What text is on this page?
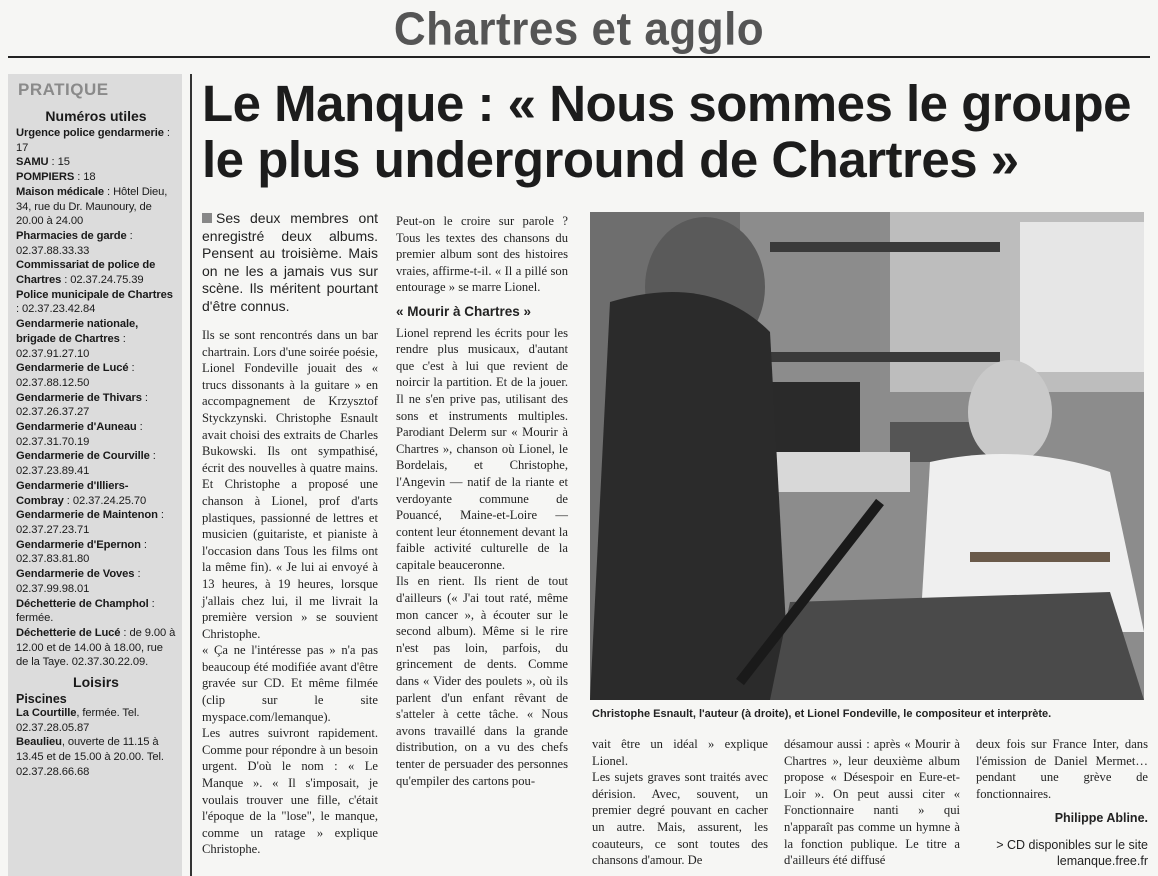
Chartres et agglo
PRATIQUE
Numéros utiles
Urgence police gendarmerie : 17
SAMU : 15
POMPIERS : 18
Maison médicale : Hôtel Dieu, 34, rue du Dr. Maunoury, de 20.00 à 24.00
Pharmacies de garde : 02.37.88.33.33
Commissariat de police de Chartres : 02.37.24.75.39
Police municipale de Chartres : 02.37.23.42.84
Gendarmerie nationale, brigade de Chartres : 02.37.91.27.10
Gendarmerie de Lucé : 02.37.88.12.50
Gendarmerie de Thivars : 02.37.26.37.27
Gendarmerie d'Auneau : 02.37.31.70.19
Gendarmerie de Courville : 02.37.23.89.41
Gendarmerie d'Illiers-Combray : 02.37.24.25.70
Gendarmerie de Maintenon : 02.37.27.23.71
Gendarmerie d'Epernon : 02.37.83.81.80
Gendarmerie de Voves : 02.37.99.98.01
Déchetterie de Champhol : fermée.
Déchetterie de Lucé : de 9.00 à 12.00 et de 14.00 à 18.00, rue de la Taye. 02.37.30.22.09.
Loisirs
Piscines
La Courtille, fermée. Tel. 02.37.28.05.87
Beaulieu, ouverte de 11.15 à 13.45 et de 15.00 à 20.00. Tel. 02.37.28.66.68
Le Manque : « Nous sommes le groupe le plus underground de Chartres »
Ses deux membres ont enregistré deux albums. Pensent au troisième. Mais on ne les a jamais vus sur scène. Ils méritent pourtant d'être connus.

Ils se sont rencontrés dans un bar chartrain. Lors d'une soirée poésie, Lionel Fondeville jouait des « trucs dissonants à la guitare » en accompagnement de Krzysztof Styckzynski. Christophe Esnault avait choisi des extraits de Charles Bukowski. Ils ont sympathisé, écrit des nouvelles à quatre mains. Et Christophe a proposé une chanson à Lionel, prof d'arts plastiques, passionné de lettres et musicien (guitariste, et pianiste à l'occasion dans Tous les films ont la même fin). « Je lui ai envoyé à 13 heures, à 19 heures, lorsque j'allais chez lui, il me livrait la première version » se souvient Christophe.

« Ça ne l'intéresse pas » n'a pas beaucoup été modifiée avant d'être gravée sur CD. Et même filmée (clip sur le site myspace.com/lemanque).

Les autres suivront rapidement. Comme pour répondre à un besoin urgent. D'où le nom : « Le Manque ». « Il s'imposait, je voulais trouver une fille, c'était l'époque de la "lose", le manque, comme un ratage » explique Christophe.

Peut-on le croire sur parole ? Tous les textes des chansons du premier album sont des histoires vraies, affirme-t-il. « Il a pillé son entourage » se marre Lionel.

« Mourir à Chartres »

Lionel reprend les écrits pour les rendre plus musicaux, d'autant que c'est à lui que revient de noircir la partition. Et de la jouer. Il ne s'en prive pas, utilisant des sons et instruments multiples. Parodiant Delerm sur « Mourir à Chartres », chanson où Lionel, le Bordelais, et Christophe, l'Angevin — natif de la riante et verdoyante commune de Pouancé, Maine-et-Loire — content leur étonnement devant la faible activité culturelle de la capitale beauceronne.

Ils en rient. Ils rient de tout d'ailleurs (« J'ai tout raté, même mon cancer », à écouter sur le second album). Même si le rire n'est pas loin, parfois, du grincement de dents. Comme dans « Vider des poulets », où ils parlent d'un enfant rêvant de s'atteler à cette tâche. « Nous avons travaillé dans la grande distribution, on a vu des chefs tenter de persuader des personnes qu'empiler des cartons pou-

Christophe Esnault, l'auteur (à droite), et Lionel Fondeville, le compositeur et interprète.

vait être un idéal » explique Lionel.

Les sujets graves sont traités avec dérision. Avec, souvent, un premier degré pouvant en cacher un autre. Mais, assurent, les coauteurs, ce sont toutes des chansons d'amour. De

désamour aussi : après « Mourir à Chartres », leur deuxième album propose « Désespoir en Eure-et-Loir ». On peut aussi citer « Fonctionnaire nanti » qui n'apparaît pas comme un hymne à la fonction publique. Le titre a d'ailleurs été diffusé

deux fois sur France Inter, dans l'émission de Daniel Mermet… pendant une grève de fonctionnaires.

Philippe Abline.
> CD disponibles sur le site lemanque.free.fr
